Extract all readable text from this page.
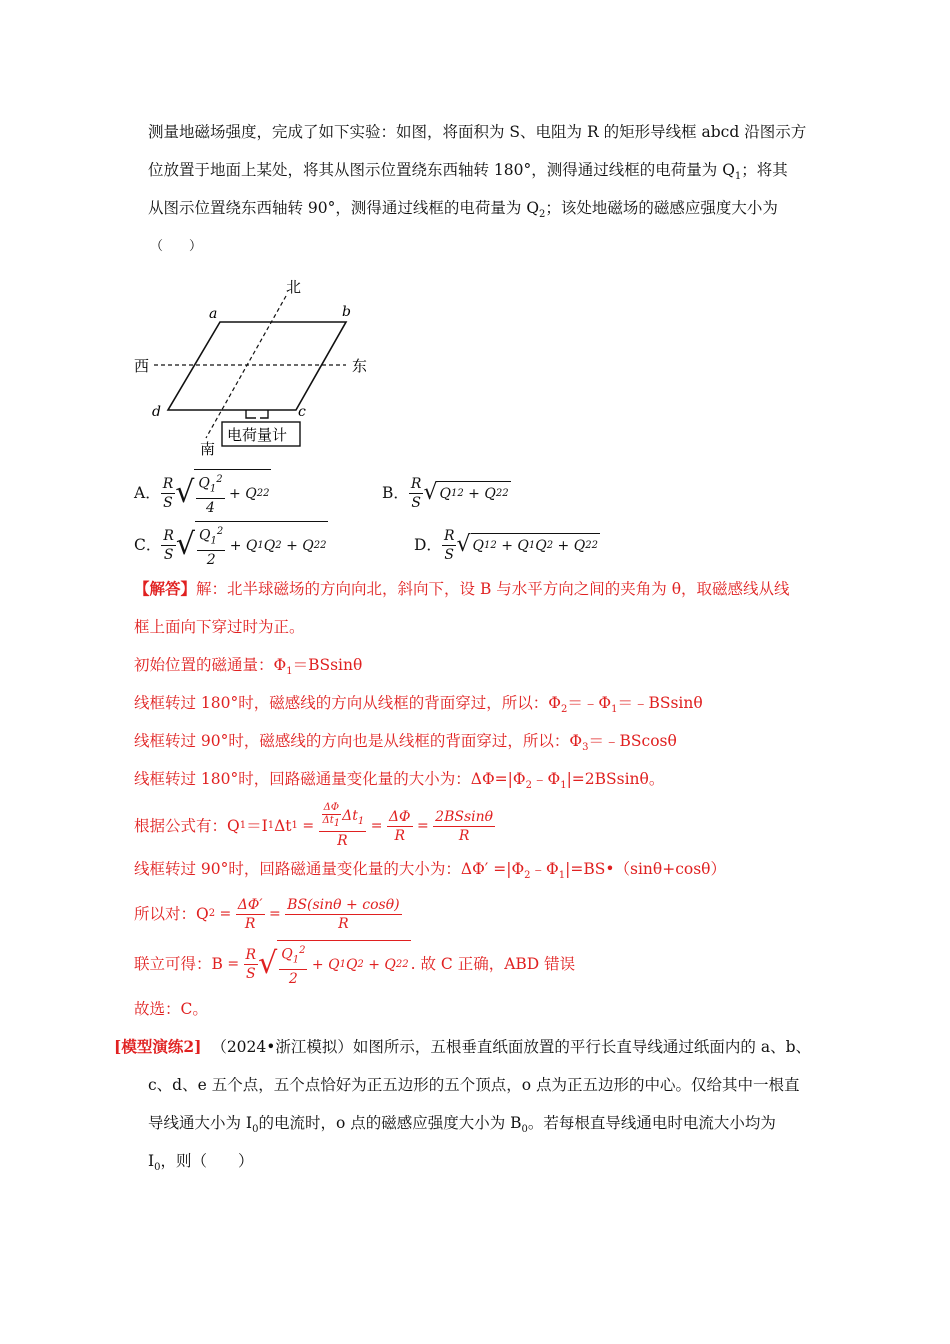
测量地磁场强度，完成了如下实验：如图，将面积为 S、电阻为 R 的矩形导线框 abcd 沿图示方
位放置于地面上某处，将其从图示位置绕东西轴转 180°，测得通过线框的电荷量为 $Q_1$；将其
从图示位置绕东西轴转 90°，测得通过线框的电荷量为 $Q_2$；该处地磁场的磁感应强度大小为
（　　）
电荷量计
北
南
西	东
a	b
c
d
A． $\frac{R}{S}$ √ $\frac{Q_1^2}{4} + Q$ 2 2	B． $\frac{R}{S}$ √ Q 1 2 + Q 2 2
C． $\frac{R}{S}$ √ $\frac{Q_1^2}{2} + Q$ 1 Q 2 + Q 2 2	D． $\frac{R}{S}$ √ Q 1 2 + Q 1 Q 2 + Q 2 2
【解答】解：北半球磁场的方向向北，斜向下，设 B 与水平方向之间的夹角为 θ，取磁感线从线
框上面向下穿过时为正。
初始位置的磁通量：$\Phi_1=BSsin\theta$
线框转过 180°时，磁感线的方向从线框的背面穿过，所以：$\Phi_2=﹣\Phi_1=﹣BSsin\theta$
线框转过 90°时，磁感线的方向也是从线框的背面穿过，所以：$\Phi_3=﹣BScos\theta$
线框转过 180°时，回路磁通量变化量的大小为：$\Delta\Phi=|\Phi_2﹣\Phi_1|=2BSsin\theta$。
根据公式有：Q 1 ＝I 1 Δt $1 = \frac{\frac{\Delta\Phi}{\Delta t_1} \Delta t_1}{R} = \frac{\Delta\Phi}{R} = \frac{2BSsin\theta}{R}$
线框转过 90°时，回路磁通量变化量的大小为：$\Delta\Phi' =|\Phi_2﹣\Phi_1|=BS•(\sin\theta+\cos\theta)$
所以对：Q $2 = \frac{\Delta\Phi'}{R} = \frac{BS(\sin\theta + \cos\theta)}{R}$
联立可得：$B = \frac{R}{S}$ √ $\frac{Q_1^2}{2} + Q$ 1 Q 2 + Q 2 2 . 故 C 正确，ABD 错误
故选：C。
[模型演练2] （2024•浙江模拟）如图所示，五根垂直纸面放置的平行长直导线通过纸面内的 a、b、
c、d、e 五个点，五个点恰好为正五边形的五个顶点，o 点为正五边形的中心。仅给其中一根直
导线通大小为 $I_0$的电流时，o 点的磁感应强度大小为 $B_0$。若每根直导线通电时电流大小均为
$I_0$，则（　　）
